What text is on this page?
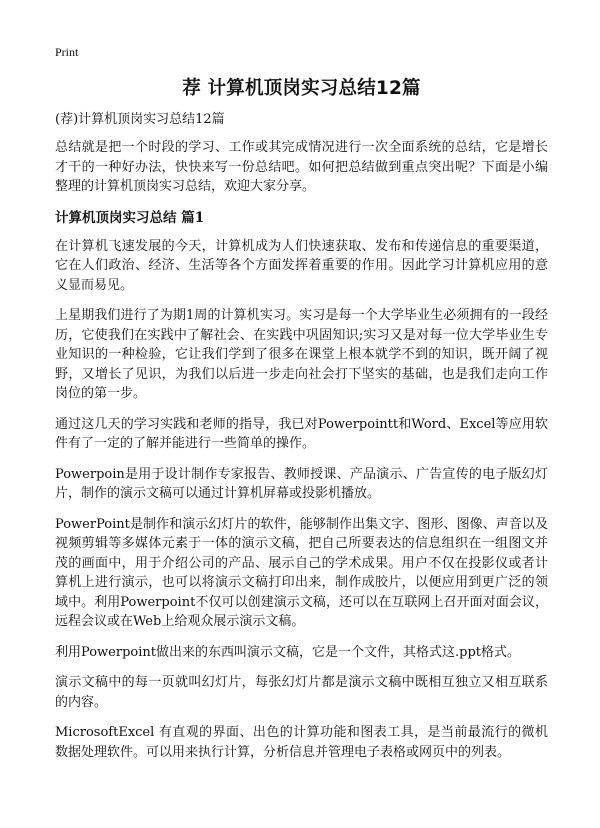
Print
荐 计算机顶岗实习总结12篇
(荐)计算机顶岗实习总结12篇

总结就是把一个时段的学习、工作或其完成情况进行一次全面系统的总结，它是增长才干的一种好办法，快快来写一份总结吧。如何把总结做到重点突出呢？下面是小编整理的计算机顶岗实习总结，欢迎大家分享。

计算机顶岗实习总结 篇1

在计算机飞速发展的今天，计算机成为人们快速获取、发布和传递信息的重要渠道，它在人们政治、经济、生活等各个方面发挥着重要的作用。因此学习计算机应用的意义显而易见。

上星期我们进行了为期1周的计算机实习。实习是每一个大学毕业生必须拥有的一段经历，它使我们在实践中了解社会、在实践中巩固知识;实习又是对每一位大学毕业生专业知识的一种检验，它让我们学到了很多在课堂上根本就学不到的知识，既开阔了视野，又增长了见识，为我们以后进一步走向社会打下坚实的基础，也是我们走向工作岗位的第一步。

通过这几天的学习实践和老师的指导，我已对Powerpointt和Word、Excel等应用软件有了一定的了解并能进行一些简单的操作。

Powerpoin是用于设计制作专家报告、教师授课、产品演示、广告宣传的电子版幻灯片，制作的演示文稿可以通过计算机屏幕或投影机播放。

PowerPoint是制作和演示幻灯片的软件，能够制作出集文字、图形、图像、声音以及视频剪辑等多媒体元素于一体的演示文稿，把自己所要表达的信息组织在一组图文并茂的画面中，用于介绍公司的产品、展示自己的学术成果。用户不仅在投影仪或者计算机上进行演示，也可以将演示文稿打印出来，制作成胶片，以便应用到更广泛的领域中。利用Powerpoint不仅可以创建演示文稿，还可以在互联网上召开面对面会议，远程会议或在Web上给观众展示演示文稿。

利用Powerpoint做出来的东西叫演示文稿，它是一个文件，其格式这.ppt格式。

演示文稿中的每一页就叫幻灯片，每张幻灯片都是演示文稿中既相互独立又相互联系的内容。

MicrosoftExcel 有直观的界面、出色的计算功能和图表工具，是当前最流行的微机数据处理软件。可以用来执行计算，分析信息并管理电子表格或网页中的列表。
